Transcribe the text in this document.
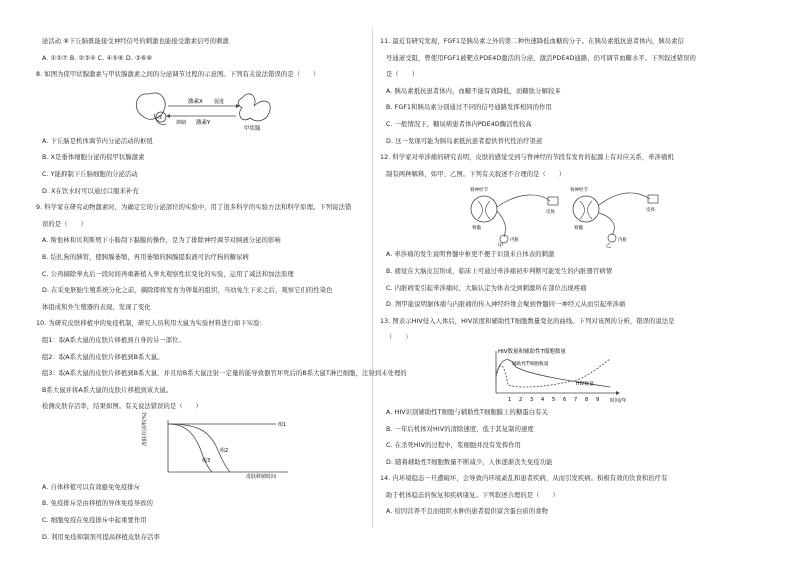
泌活动 ⑧下丘脑既能接受神经信号的刺激也能接受激素信号的刺激
A. ①②⑦ B. ②③④ C. ④⑤⑥ D. ③⑥⑧
8. 如图为促甲状腺激素与甲状腺激素之间的分泌调节过程的示意图。下列有关说法错误的是（　　）
①
激素X 促进
激素Y
抑制
甲状腺
A. 下丘脑是机体调节内分泌活动的枢纽
B. X是垂体细胞分泌的促甲状腺激素
C. Y能抑制下丘脑细胞的分泌活动
D. X在饮水时可以通过口服来补充
9. 科学家在研究动物激素时，为确定它的分泌部位的实验中，用了很多科学的实验方法和科学原理。下列说法错
误的是（　　）
A. 斯他林和贝利斯剪下小肠刮下黏膜的操作，是为了排除神经调节对胰液分泌的影响
B. 结扎狗的胰管，使胰腺萎缩，再用萎缩的胰腺提取液可治疗狗的糖尿病
C. 公鸡摘除睾丸后一段时间再重新植入睾丸观察性状变化的实验，运用了减法和加法原理
D. 在采免胚胎生殖系统分化之前，摘除即将发育为卵巢的组织，当幼免生下来之后，观察它们的性染色
体组成和外生殖器的表现，发现了变化
10. 为研究皮肤移植中的免疫机制，研究人员利用大鼠为实验材料进行如下实验：
组1：取A系大鼠的皮肤片移植到自身的另一部位。
组2：取A系大鼠的皮肤片移植到B系大鼠。
组3：取A系大鼠的皮肤片移植到B系大鼠，并且给B系大鼠注射一定量的能导致器官坏死后的B系大鼠T淋巴细胞，注射到未处理的
B系大鼠并将A系大鼠的皮肤片移植到该大鼠。
检测皮肤存活率，结果如图。有关说法错误的是（　　）
皮肤存活率(%)
皮肤移植时间
组1
组2
组3
A. 自体移植可以有效避免免疫排斥
B. 免疫排斥是由移植的异体免疫导致的
C. 细胞免疫在免疫排斥中起重要作用
D. 利用免疫抑制剂可提高移植皮肤存活率
11. 最近有研究发现，FGF1是胰岛素之外的第二种快速降低血糖的分子。在胰岛素抵抗患者体内，胰岛素信
号通道受阻，曾使用FGF1被靶点PDE4D激活的分泌，激活PDE4D通路，仍可调节血糖水平。下列叙述错误的
是（　　）
A. 胰岛素抵抗患者体内，血糖不能有效降低，而糖肽分解较多
B. FGF1和胰岛素分别通过不同的信号通路发挥相同的作用
C. 一般情况下，糖尿病患者体内PDE4D酶活性较高
D. 这一发现可能为胰岛素抵抗患者提供替代性治疗渠道
12. 科学家对牵涉痛的研究表明，皮肤的感觉受到与脊神经的节段有发育的起源上有对应关系，牵涉痛机
制有两种解释，如甲、乙图。下列有关叙述不合理的是（　　）
脊神经节
脊髓
皮肤
内脏
甲
脊神经节
脊髓
皮肤
内脏
乙
A. 牵涉痛的发生说明脊髓中枢更不便于识别来自体表的刺激
B. 痛觉在大脑皮层形成，临床上可通过牵涉痛初步判断可能发生的内脏器官病情
C. 内脏病变引起牵涉痛时，大脑认定为体表受到刺激所在部位出现疼痛
D. 图甲能说明躯体痛与内脏痛的传入神经纤维会聚到脊髓同一神经元从而引起牵涉痛
13. 图表示HIV侵入人体后，HIV浓度和辅助性T细胞数量变化的曲线。下列对该图的分析，错误的说法是
（　　）
HIV数量和辅助性T细胞数量
辅助性T细胞数量
HIV数量
1 2 3 4 5 6 7 8 9 时间/年
A. HIV识别辅助性T细胞与辅助性T细胞膜上的糖蛋白有关
B. 一年后机体对HIV的清除速度，低于其复制的速度
C. 在杀死HIV的过程中，浆细胞并没有发挥作用
D. 随着辅助性T细胞数量不断减少，人体逐渐丧失免疫功能
14. 内环境稳态一旦遭破坏，会导致内环境紊乱和患者疾病，从而引发疾病。积极有效的饮食和治疗有
助于机体稳态的恢复和疾病康复。下列叙述合理的是（　　）
A. 给因营养不良而组织水肿的患者提供富含蛋白质的食物
